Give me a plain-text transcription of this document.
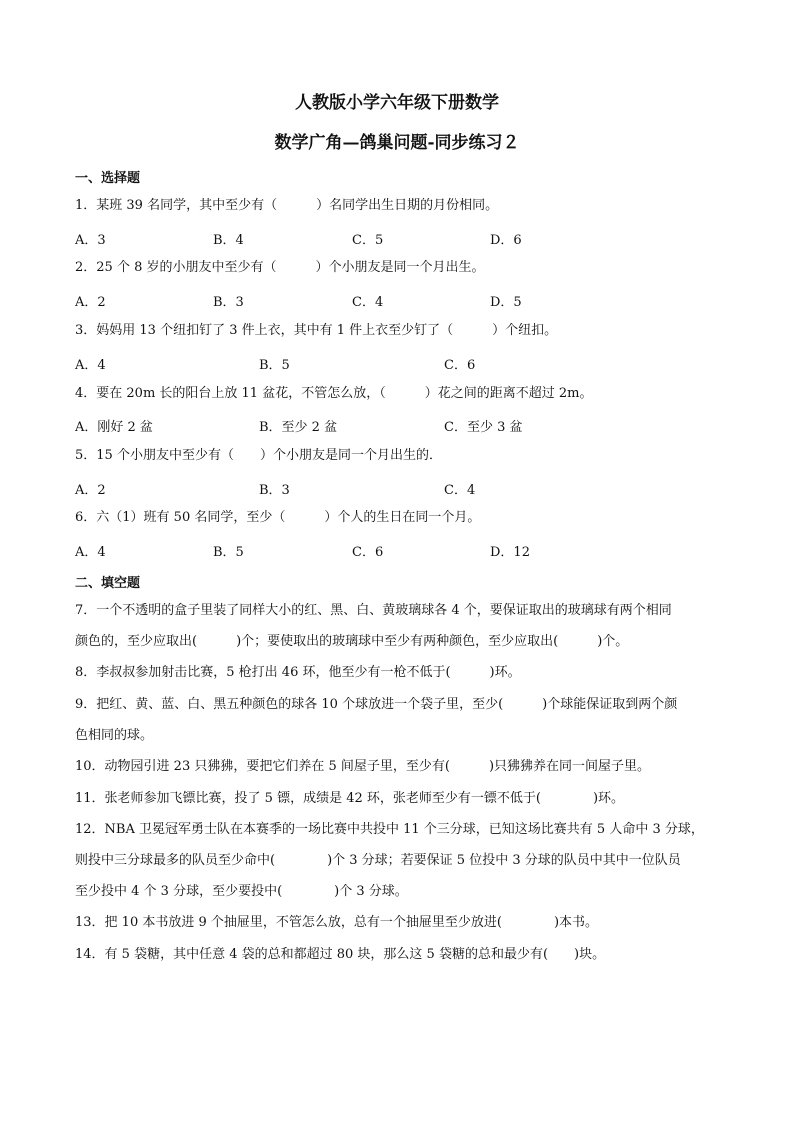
人教版小学六年级下册数学
数学广角—鸽巢问题-同步练习２
一、选择题
1．某班 39 名同学，其中至少有（　　　）名同学出生日期的月份相同。
A．3	B．4	C．5	D．6
2．25 个 8 岁的小朋友中至少有（　　　）个小朋友是同一个月出生。
A．2	B．3	C．4	D．5
3．妈妈用 13 个纽扣钉了 3 件上衣，其中有 1 件上衣至少钉了（　　　）个纽扣。
A．4	B．5	C．6
4．要在 20m 长的阳台上放 11 盆花，不管怎么放，（　　　）花之间的距离不超过 2m。
A．刚好 2 盆	B．至少 2 盆	C．至少 3 盆
5．15 个小朋友中至少有（　　）个小朋友是同一个月出生的．
A．2	B．3	C．4
6．六（1）班有 50 名同学，至少（　　　）个人的生日在同一个月。
A．4	B．5	C．6	D．12
二、填空题
7．一个不透明的盒子里装了同样大小的红、黑、白、黄玻璃球各 4 个，要保证取出的玻璃球有两个相同
颜色的，至少应取出(　　　)个；要使取出的玻璃球中至少有两种颜色，至少应取出(　　　)个。
8．李叔叔参加射击比赛，5 枪打出 46 环，他至少有一枪不低于(　　　)环。
9．把红、黄、蓝、白、黑五种颜色的球各 10 个球放进一个袋子里，至少(　　　)个球能保证取到两个颜
色相同的球。
10．动物园引进 23 只狒狒，要把它们养在 5 间屋子里，至少有(　　　)只狒狒养在同一间屋子里。
11．张老师参加飞镖比赛，投了 5 镖，成绩是 42 环，张老师至少有一镖不低于(　　　　)环。
12．NBA 卫冕冠军勇士队在本赛季的一场比赛中共投中 11 个三分球，已知这场比赛共有 5 人命中 3 分球，
则投中三分球最多的队员至少命中(　　　　)个 3 分球；若要保证 5 位投中 3 分球的队员中其中一位队员
至少投中 4 个 3 分球，至少要投中(　　　　)个 3 分球。
13．把 10 本书放进 9 个抽屉里，不管怎么放，总有一个抽屉里至少放进(　　　　)本书。
14．有 5 袋糖，其中任意 4 袋的总和都超过 80 块，那么这 5 袋糖的总和最少有(　　)块。
